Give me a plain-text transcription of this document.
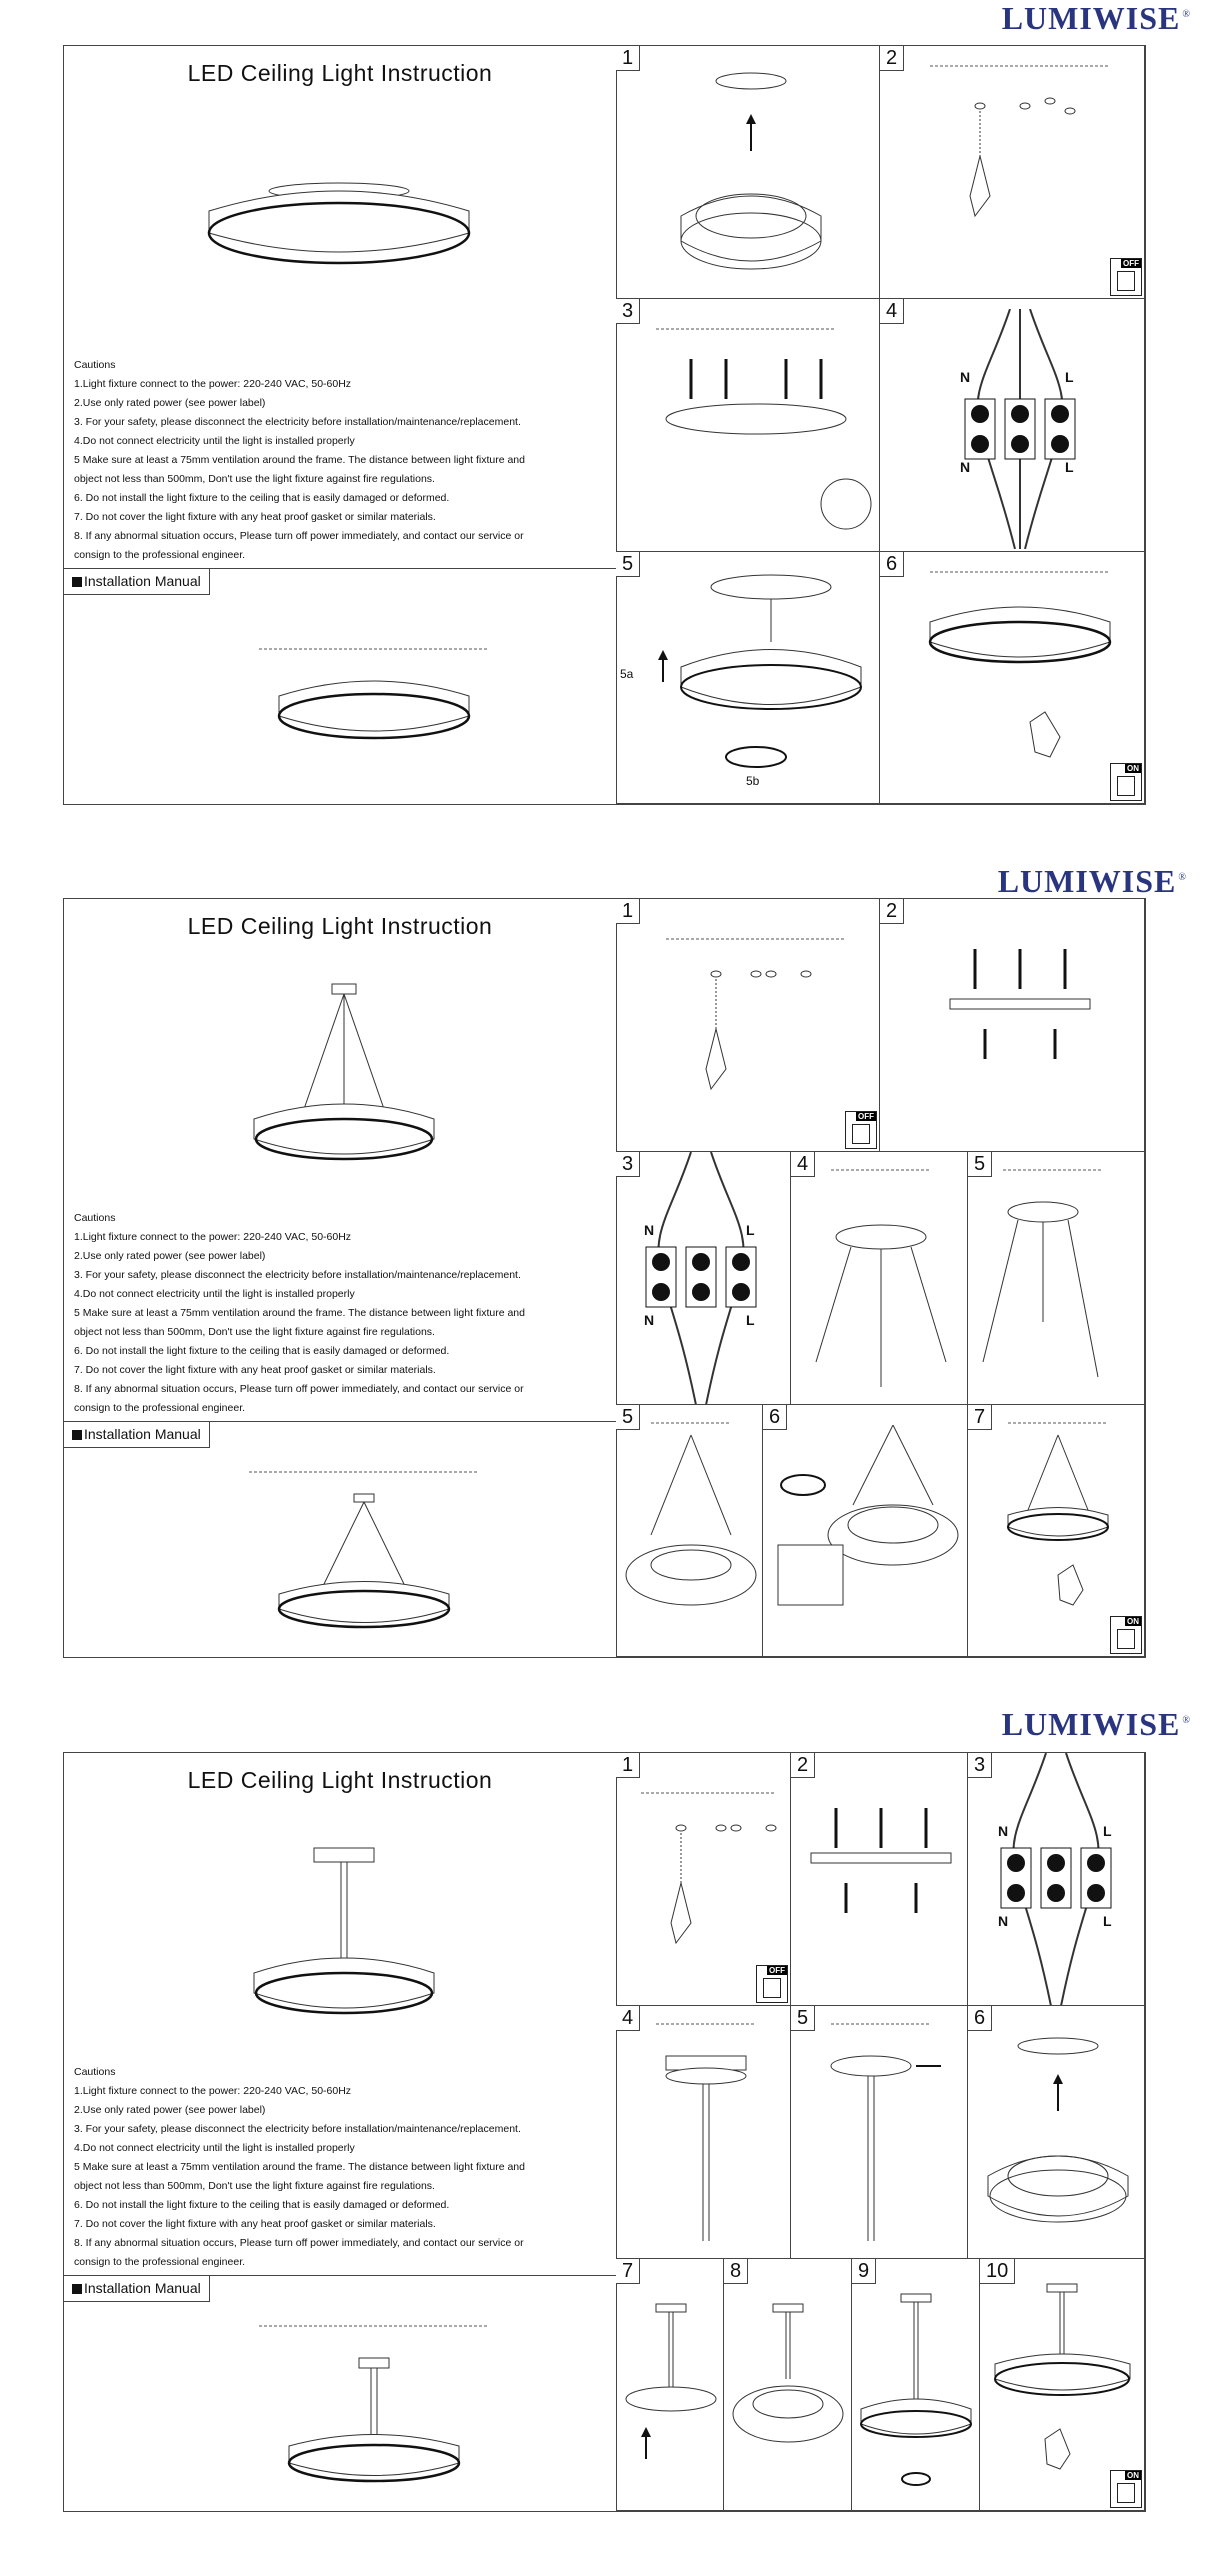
LUMIWISE ®
LED Ceiling Light Instruction
Cautions
1.Light fixture connect to the power: 220-240 VAC, 50-60Hz
2.Use only rated power (see power label)
3. For your safety, please disconnect the electricity before installation/maintenance/replacement.
4.Do not connect electricity until the light is installed properly
5 Make sure at least a 75mm ventilation around the frame. The distance between light fixture and
object not less than 500mm, Don't use the light fixture against fire regulations.
6. Do not install the light fixture to the ceiling that is easily damaged or deformed.
7. Do not cover the light fixture with any heat proof gasket or similar materials.
8. If any abnormal situation occurs, Please turn off power immediately, and contact our service or
consign to the professional engineer.
Installation Manual
1	2
OFF
3	4
N	L
N	L
5
5a
5b
6
ON
LUMIWISE ®
LED Ceiling Light Instruction
Cautions
1.Light fixture connect to the power: 220-240 VAC, 50-60Hz
2.Use only rated power (see power label)
3. For your safety, please disconnect the electricity before installation/maintenance/replacement.
4.Do not connect electricity until the light is installed properly
5 Make sure at least a 75mm ventilation around the frame. The distance between light fixture and
object not less than 500mm, Don't use the light fixture against fire regulations.
6. Do not install the light fixture to the ceiling that is easily damaged or deformed.
7. Do not cover the light fixture with any heat proof gasket or similar materials.
8. If any abnormal situation occurs, Please turn off power immediately, and contact our service or
consign to the professional engineer.
Installation Manual
1
OFF
2
3
N	L
N	L
4	5
5	6	7
ON
LUMIWISE ®
LED Ceiling Light Instruction
Cautions
1.Light fixture connect to the power: 220-240 VAC, 50-60Hz
2.Use only rated power (see power label)
3. For your safety, please disconnect the electricity before installation/maintenance/replacement.
4.Do not connect electricity until the light is installed properly
5 Make sure at least a 75mm ventilation around the frame. The distance between light fixture and
object not less than 500mm, Don't use the light fixture against fire regulations.
6. Do not install the light fixture to the ceiling that is easily damaged or deformed.
7. Do not cover the light fixture with any heat proof gasket or similar materials.
8. If any abnormal situation occurs, Please turn off power immediately, and contact our service or
consign to the professional engineer.
Installation Manual
1
OFF
2	3
N	L
N	L
4	5	6
7	8	9	10
ON
